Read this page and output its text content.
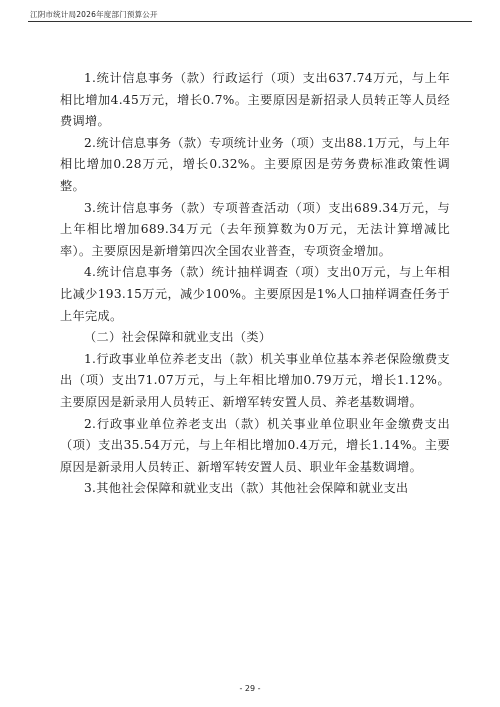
江阴市统计局2026年度部门预算公开

1.统计信息事务（款）行政运行（项）支出637.74万元，与上年相比增加4.45万元，增长0.7%。主要原因是新招录人员转正等人员经费调增。

2.统计信息事务（款）专项统计业务（项）支出88.1万元，与上年相比增加0.28万元，增长0.32%。主要原因是劳务费标准政策性调整。

3.统计信息事务（款）专项普查活动（项）支出689.34万元，与上年相比增加689.34万元（去年预算数为0万元，无法计算增减比率）。主要原因是新增第四次全国农业普查，专项资金增加。

4.统计信息事务（款）统计抽样调查（项）支出0万元，与上年相比减少193.15万元，减少100%。主要原因是1%人口抽样调查任务于上年完成。

（二）社会保障和就业支出（类）

1.行政事业单位养老支出（款）机关事业单位基本养老保险缴费支出（项）支出71.07万元，与上年相比增加0.79万元，增长1.12%。主要原因是新录用人员转正、新增军转安置人员、养老基数调增。

2.行政事业单位养老支出（款）机关事业单位职业年金缴费支出（项）支出35.54万元，与上年相比增加0.4万元，增长1.14%。主要原因是新录用人员转正、新增军转安置人员、职业年金基数调增。

3.其他社会保障和就业支出（款）其他社会保障和就业支出

- 29 -
